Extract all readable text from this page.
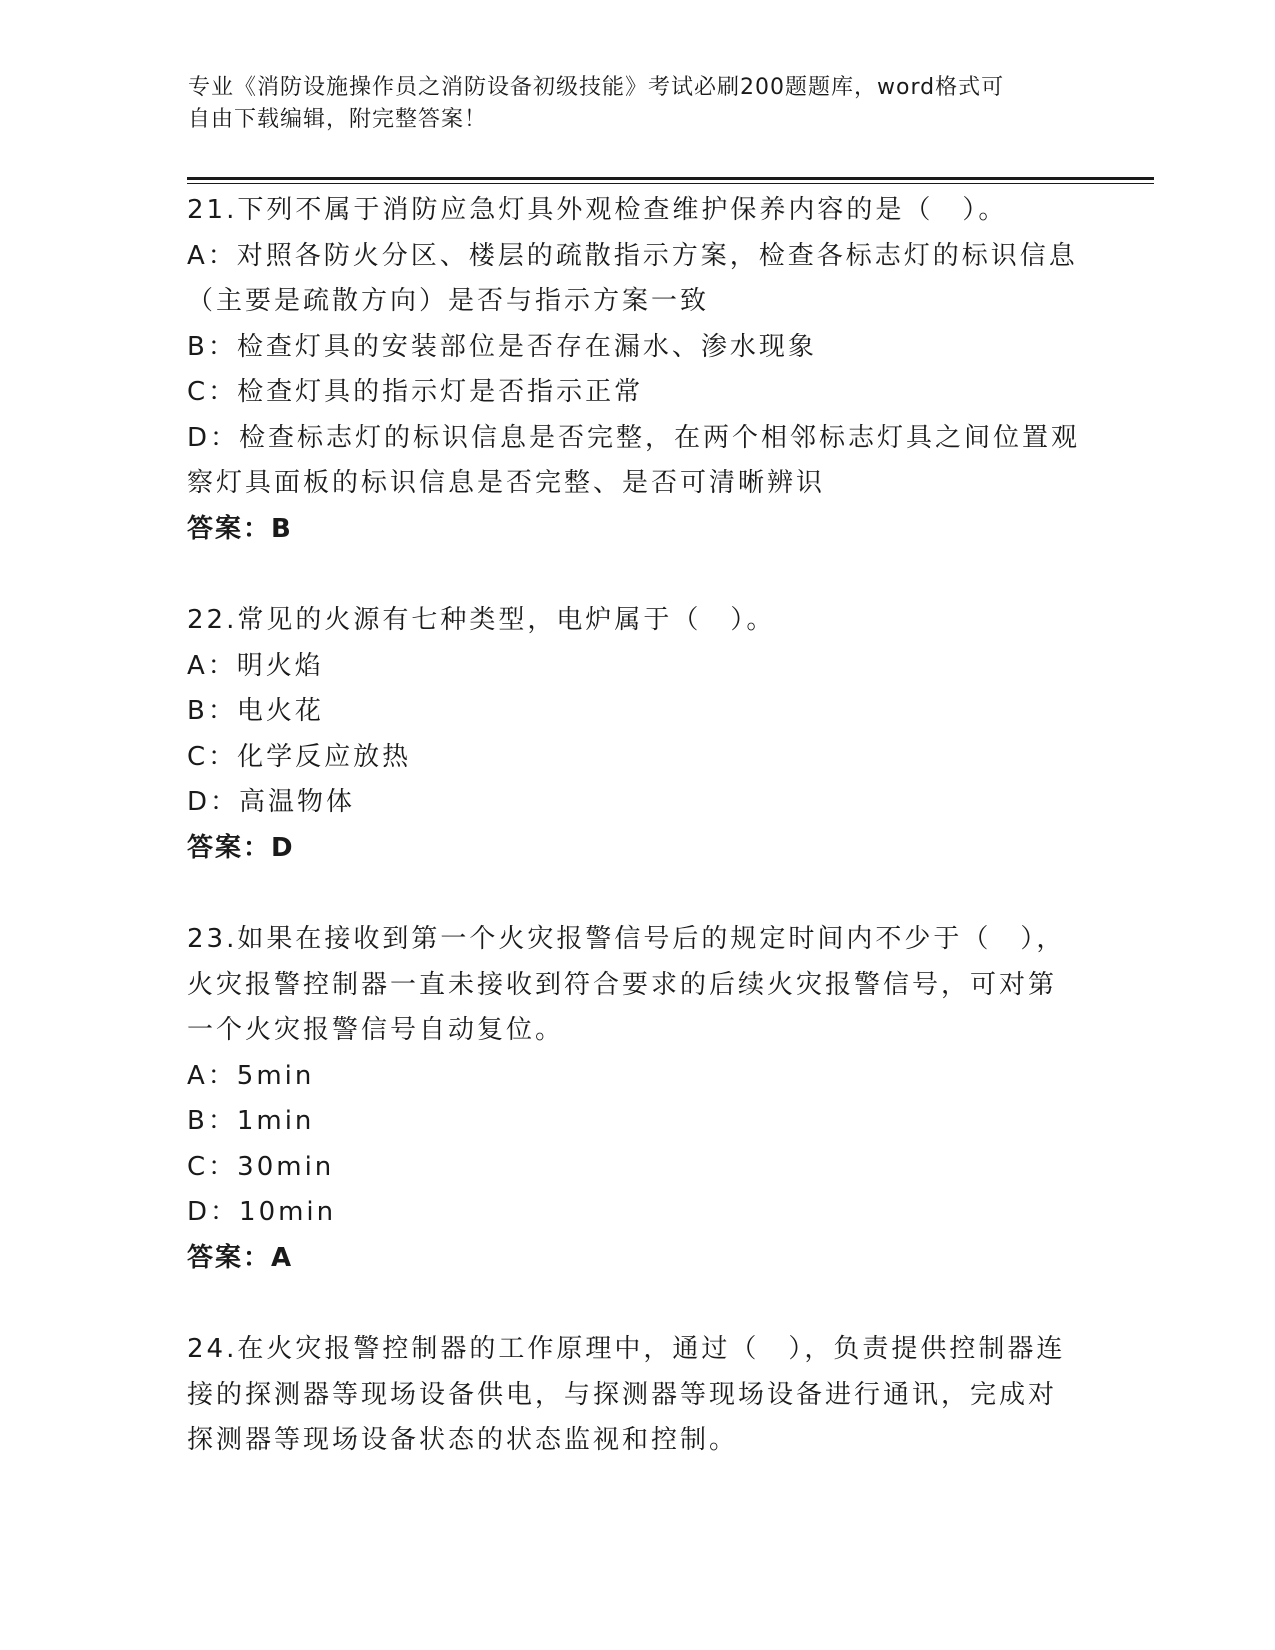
专业《消防设施操作员之消防设备初级技能》考试必刷200题题库，word格式可
自由下载编辑，附完整答案！
21.下列不属于消防应急灯具外观检查维护保养内容的是（　）。
A：对照各防火分区、楼层的疏散指示方案，检查各标志灯的标识信息
（主要是疏散方向）是否与指示方案一致
B：检查灯具的安装部位是否存在漏水、渗水现象
C：检查灯具的指示灯是否指示正常
D：检查标志灯的标识信息是否完整，在两个相邻标志灯具之间位置观
察灯具面板的标识信息是否完整、是否可清晰辨识
答案：B
22.常见的火源有七种类型，电炉属于（　）。
A：明火焰
B：电火花
C：化学反应放热
D：高温物体
答案：D
23.如果在接收到第一个火灾报警信号后的规定时间内不少于（　），
火灾报警控制器一直未接收到符合要求的后续火灾报警信号，可对第
一个火灾报警信号自动复位。
A：5min
B：1min
C：30min
D：10min
答案：A
24.在火灾报警控制器的工作原理中，通过（　），负责提供控制器连
接的探测器等现场设备供电，与探测器等现场设备进行通讯，完成对
探测器等现场设备状态的状态监视和控制。
